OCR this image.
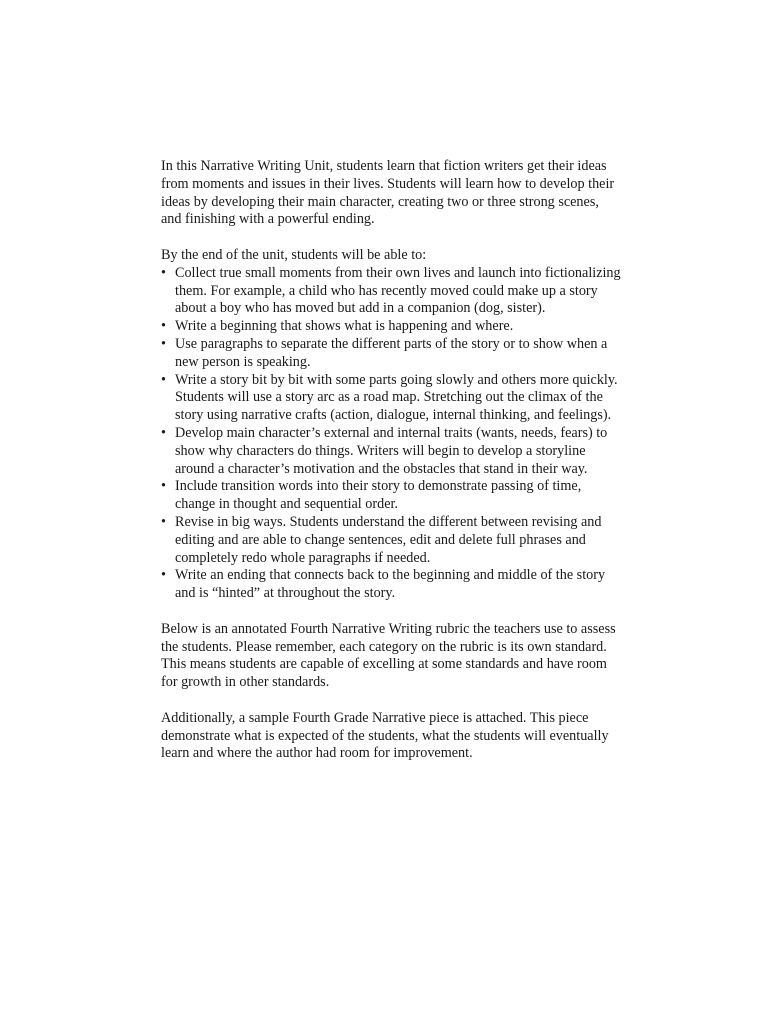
In this Narrative Writing Unit, students learn that fiction writers get their ideas from moments and issues in their lives. Students will learn how to develop their ideas by developing their main character, creating two or three strong scenes, and finishing with a powerful ending.

By the end of the unit, students will be able to:

• Collect true small moments from their own lives and launch into fictionalizing them. For example, a child who has recently moved could make up a story about a boy who has moved but add in a companion (dog, sister).
• Write a beginning that shows what is happening and where.
• Use paragraphs to separate the different parts of the story or to show when a new person is speaking.
• Write a story bit by bit with some parts going slowly and others more quickly. Students will use a story arc as a road map. Stretching out the climax of the story using narrative crafts (action, dialogue, internal thinking, and feelings).
• Develop main character’s external and internal traits (wants, needs, fears) to show why characters do things. Writers will begin to develop a storyline around a character’s motivation and the obstacles that stand in their way.
• Include transition words into their story to demonstrate passing of time, change in thought and sequential order.
• Revise in big ways. Students understand the different between revising and editing and are able to change sentences, edit and delete full phrases and completely redo whole paragraphs if needed.
• Write an ending that connects back to the beginning and middle of the story and is “hinted” at throughout the story.

Below is an annotated Fourth Narrative Writing rubric the teachers use to assess the students. Please remember, each category on the rubric is its own standard. This means students are capable of excelling at some standards and have room for growth in other standards.

Additionally, a sample Fourth Grade Narrative piece is attached. This piece demonstrate what is expected of the students, what the students will eventually learn and where the author had room for improvement.
